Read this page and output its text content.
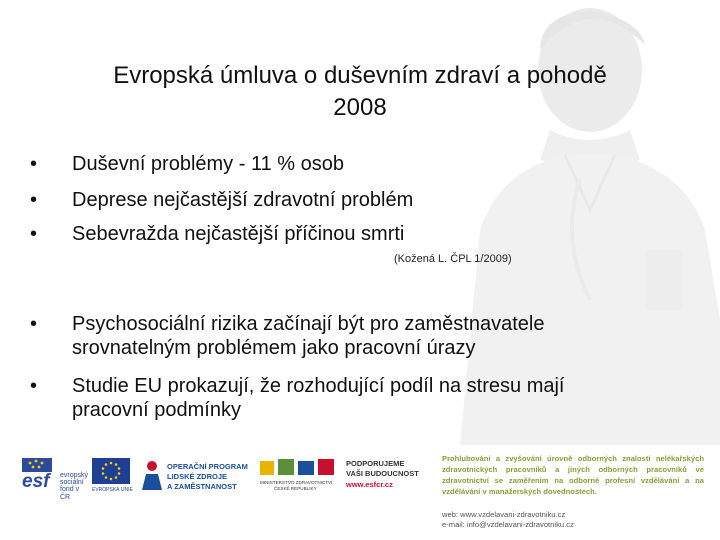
Evropská úmluva o duševním zdraví a pohodě
2008
•	Duševní problémy - 11 % osob
•	Deprese nejčastější zdravotní problém
•	Sebevražda nejčastější příčinou smrti
(Kožená L. ČPL 1/2009)
•	Psychosociální rizika začínají být pro zaměstnavatele
srovnatelným problémem jako pracovní úrazy
•	Studie EU prokazují, že rozhodující podíl na stresu mají
pracovní podmínky
esf evropský
sociální
fond v ČR
EVROPSKÁ UNIE
OPERAČNÍ PROGRAM
LIDSKÉ ZDROJE
A ZAMĚSTNANOST	MINISTERSTVO ZDRAVOTNICTVÍ
ČESKÉ REPUBLIKY
PODPORUJEME
VAŠI BUDOUCNOST
www.esfcr.cz
Prohlubování a zvyšování úrovně odborných znalostí nelékařských zdravotnických pracovníků a jiných odborných pracovníků ve zdravotnictví se zaměřením na odborné profesní vzdělávání a na vzdělávání v manažerských dovednostech.
web: www.vzdelavani-zdravotniku.cz
e-mail: info@vzdelavani-zdravotniku.cz
